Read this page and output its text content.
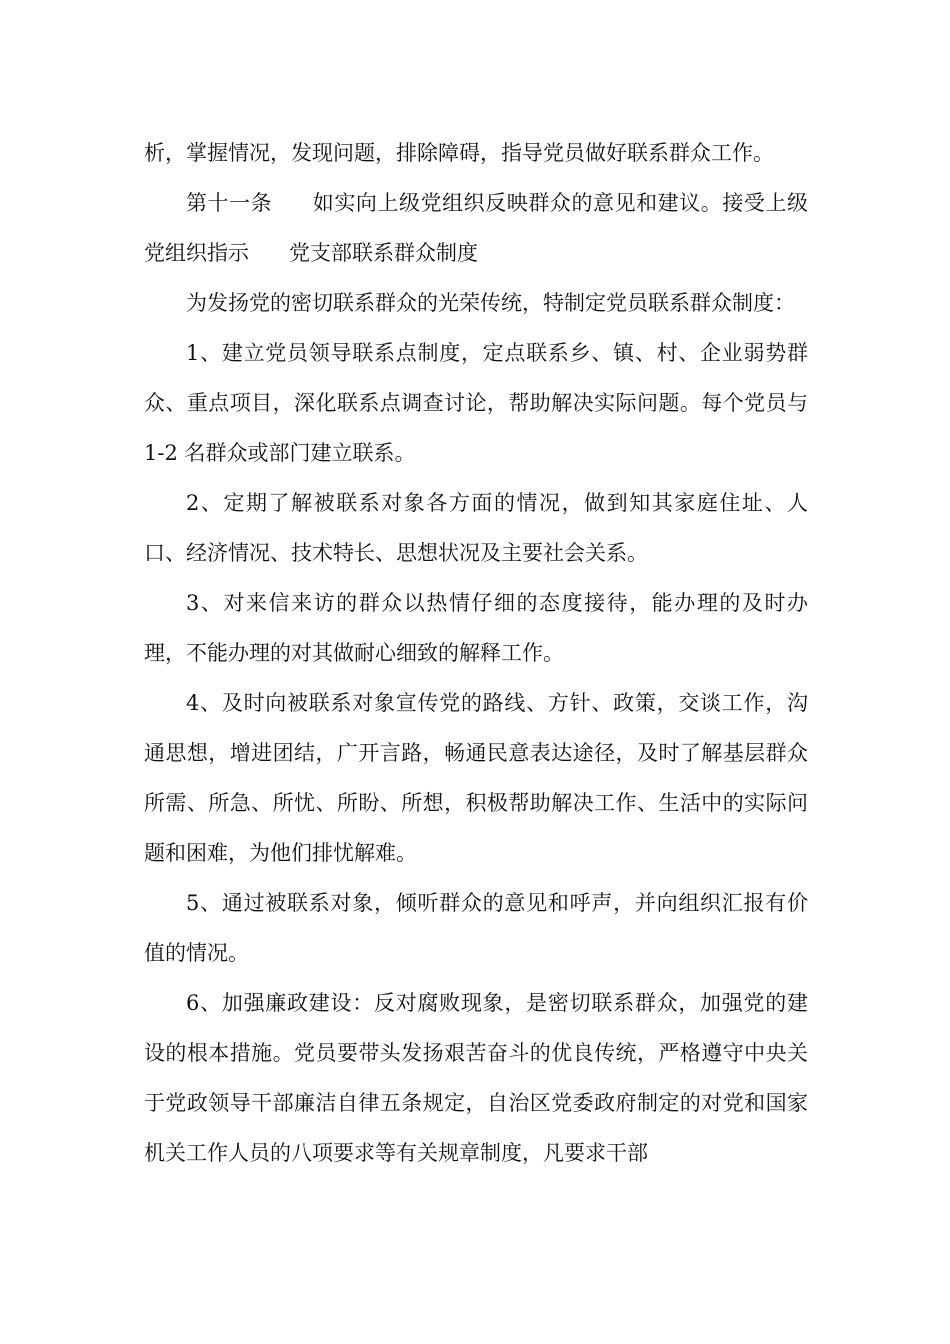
析，掌握情况，发现问题，排除障碍，指导党员做好联系群众工作。

第十一条 如实向上级党组织反映群众的意见和建议。接受上级党组织指示 党支部联系群众制度

为发扬党的密切联系群众的光荣传统，特制定党员联系群众制度：

1、建立党员领导联系点制度，定点联系乡、镇、村、企业弱势群众、重点项目，深化联系点调查讨论，帮助解决实际问题。每个党员与 1-2 名群众或部门建立联系。

2、定期了解被联系对象各方面的情况，做到知其家庭住址、人口、经济情况、技术特长、思想状况及主要社会关系。

3、对来信来访的群众以热情仔细的态度接待，能办理的及时办理，不能办理的对其做耐心细致的解释工作。

4、及时向被联系对象宣传党的路线、方针、政策，交谈工作，沟通思想，增进团结，广开言路，畅通民意表达途径，及时了解基层群众所需、所急、所忧、所盼、所想，积极帮助解决工作、生活中的实际问题和困难，为他们排忧解难。

5、通过被联系对象，倾听群众的意见和呼声，并向组织汇报有价值的情况。

6、加强廉政建设：反对腐败现象，是密切联系群众，加强党的建设的根本措施。党员要带头发扬艰苦奋斗的优良传统，严格遵守中央关于党政领导干部廉洁自律五条规定，自治区党委政府制定的对党和国家机关工作人员的八项要求等有关规章制度，凡要求干部
